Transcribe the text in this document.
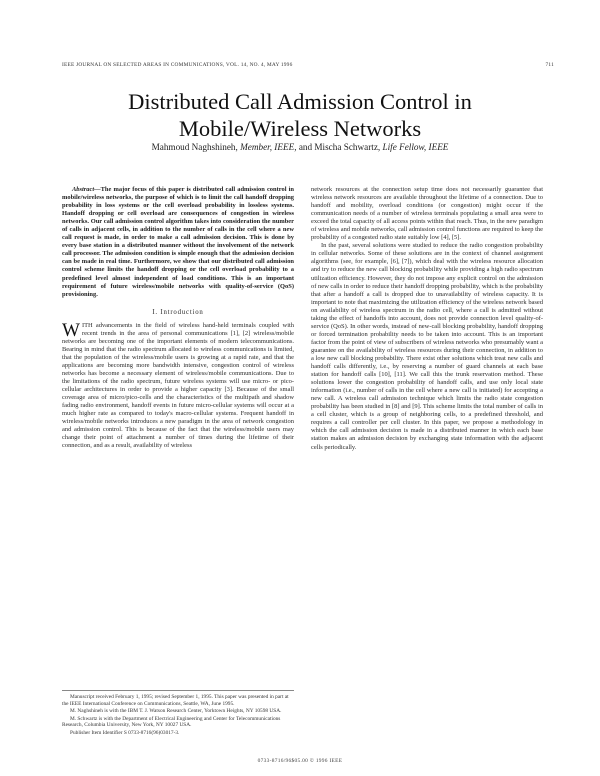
IEEE JOURNAL ON SELECTED AREAS IN COMMUNICATIONS, VOL. 14, NO. 4, MAY 1996	711
Distributed Call Admission Control in
Mobile/Wireless Networks
Mahmoud Naghshineh, Member, IEEE, and Mischa Schwartz, Life Fellow, IEEE

Abstract—The major focus of this paper is distributed call admission control in mobile/wireless networks, the purpose of which is to limit the call handoff dropping probability in loss systems or the cell overload probability in lossless systems. Handoff dropping or cell overload are consequences of congestion in wireless networks. Our call admission control algorithm takes into consideration the number of calls in adjacent cells, in addition to the number of calls in the cell where a new call request is made, in order to make a call admission decision. This is done by every base station in a distributed manner without the involvement of the network call processor. The admission condition is simple enough that the admission decision can be made in real time. Furthermore, we show that our distributed call admission control scheme limits the handoff dropping or the cell overload probability to a predefined level almost independent of load conditions. This is an important requirement of future wireless/mobile networks with quality-of-service (QoS) provisioning.

I. Introduction

WITH advancements in the field of wireless hand-held terminals coupled with recent trends in the area of personal communications [1], [2] wireless/mobile networks are becoming one of the important elements of modern telecommunications. Bearing in mind that the radio spectrum allocated to wireless communications is limited, that the population of the wireless/mobile users is growing at a rapid rate, and that the applications are becoming more bandwidth intensive, congestion control of wireless networks has become a necessary element of wireless/mobile communications. Due to the limitations of the radio spectrum, future wireless systems will use micro- or pico-cellular architectures in order to provide a higher capacity [3]. Because of the small coverage area of micro/pico-cells and the characteristics of the multipath and shadow fading radio environment, handoff events in future micro-cellular systems will occur at a much higher rate as compared to today's macro-cellular systems. Frequent handoff in wireless/mobile networks introduces a new paradigm in the area of network congestion and admission control. This is because of the fact that the wireless/mobile users may change their point of attachment a number of times during the lifetime of their connection, and as a result, availability of wireless

Manuscript received February 1, 1995; revised September 1, 1995. This paper was presented in part at the IEEE International Conference on Communications, Seattle, WA, June 1995.

M. Naghshineh is with the IBM T. J. Watson Research Center, Yorktown Heights, NY 10598 USA.

M. Schwartz is with the Department of Electrical Engineering and Center for Telecommunications Research, Columbia University, New York, NY 10027 USA.

Publisher Item Identifier S 0733-8716(96)03017-3.

network resources at the connection setup time does not necessarily guarantee that wireless network resources are available throughout the lifetime of a connection. Due to handoff and mobility, overload conditions (or congestion) might occur if the communication needs of a number of wireless terminals populating a small area were to exceed the total capacity of all access points within that reach. Thus, in the new paradigm of wireless and mobile networks, call admission control functions are required to keep the probability of a congested radio state suitably low [4], [5].

In the past, several solutions were studied to reduce the radio congestion probability in cellular networks. Some of these solutions are in the context of channel assignment algorithms (see, for example, [6], [7]), which deal with the wireless resource allocation and try to reduce the new call blocking probability while providing a high radio spectrum utilization efficiency. However, they do not impose any explicit control on the admission of new calls in order to reduce their handoff dropping probability, which is the probability that after a handoff a call is dropped due to unavailability of wireless capacity. It is important to note that maximizing the utilization efficiency of the wireless network based on availability of wireless spectrum in the radio cell, where a call is admitted without taking the effect of handoffs into account, does not provide connection level quality-of-service (QoS). In other words, instead of new-call blocking probability, handoff dropping or forced termination probability needs to be taken into account. This is an important factor from the point of view of subscribers of wireless networks who presumably want a guarantee on the availability of wireless resources during their connection, in addition to a low new call blocking probability. There exist other solutions which treat new calls and handoff calls differently, i.e., by reserving a number of guard channels at each base station for handoff calls [10], [11]. We call this the trunk reservation method. These solutions lower the congestion probability of handoff calls, and use only local state information (i.e., number of calls in the cell where a new call is initiated) for accepting a new call. A wireless call admission technique which limits the radio state congestion probability has been studied in [8] and [9]. This scheme limits the total number of calls in a cell cluster, which is a group of neighboring cells, to a predefined threshold, and requires a call controller per cell cluster. In this paper, we propose a methodology in which the call admission decision is made in a distributed manner in which each base station makes an admission decision by exchanging state information with the adjacent cells periodically.

0733-8716/96$05.00 © 1996 IEEE
